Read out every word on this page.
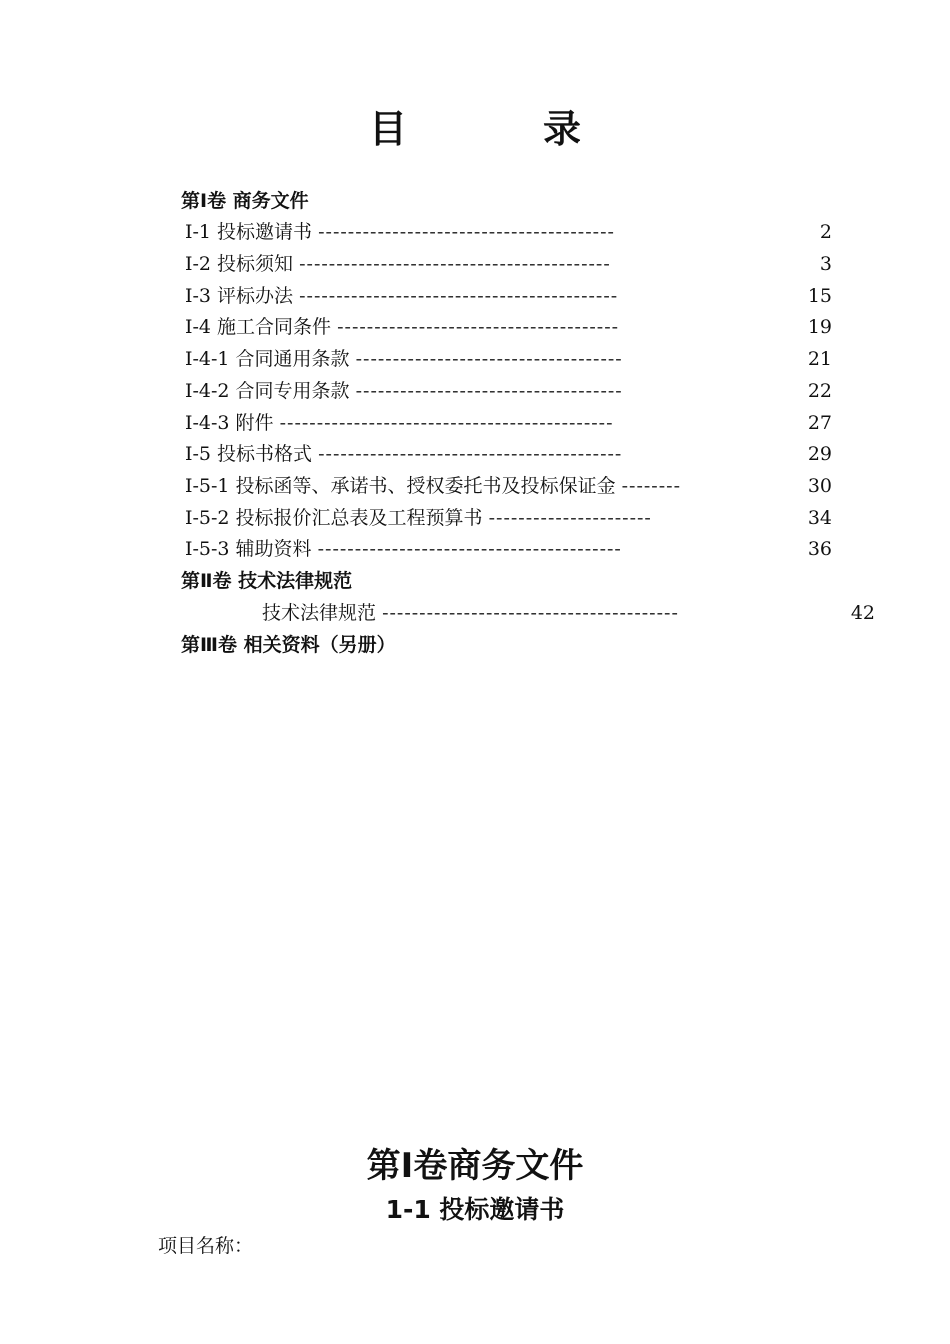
目	录
第Ⅰ卷 商务文件
Ⅰ-1 投标邀请书 ----------------------------------------	2
Ⅰ-2 投标须知 ------------------------------------------	3
Ⅰ-3 评标办法 -------------------------------------------	15
Ⅰ-4 施工合同条件 --------------------------------------	19
Ⅰ-4-1 合同通用条款 ------------------------------------	21
Ⅰ-4-2 合同专用条款 ------------------------------------	22
Ⅰ-4-3 附件 ---------------------------------------------	27
Ⅰ-5 投标书格式 -----------------------------------------	29
Ⅰ-5-1 投标函等、承诺书、授权委托书及投标保证金 --------	30
Ⅰ-5-2 投标报价汇总表及工程预算书 ----------------------	34
Ⅰ-5-3 辅助资料 -----------------------------------------	36
第Ⅱ卷 技术法律规范
技术法律规范 ----------------------------------------	42
第Ⅲ卷 相关资料（另册）
第Ⅰ卷商务文件
1-1 投标邀请书
项目名称：
